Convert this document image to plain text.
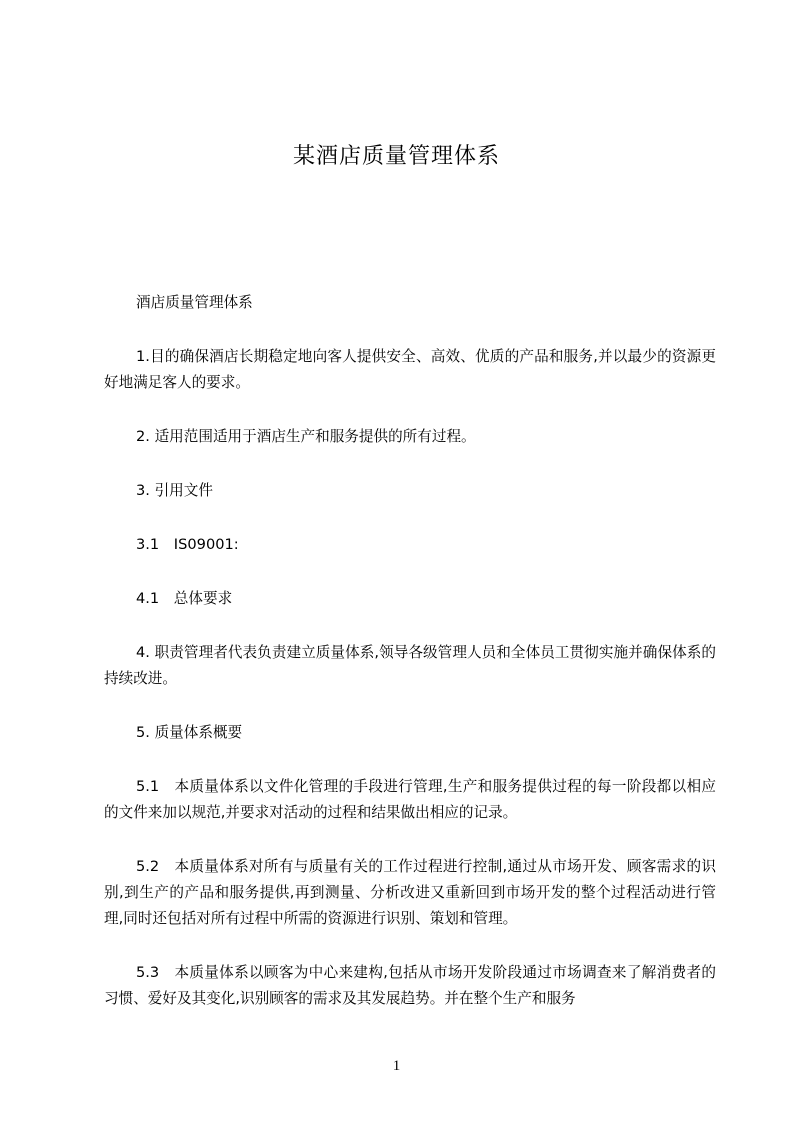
某酒店质量管理体系

酒店质量管理体系

1.目的确保酒店长期稳定地向客人提供安全、高效、优质的产品和服务,并以最少的资源更好地满足客人的要求。

2. 适用范围适用于酒店生产和服务提供的所有过程。

3. 引用文件

3.1　IS09001:

4.1　总体要求

4. 职责管理者代表负责建立质量体系,领导各级管理人员和全体员工贯彻实施并确保体系的持续改进。

5. 质量体系概要

5.1　本质量体系以文件化管理的手段进行管理,生产和服务提供过程的每一阶段都以相应的文件来加以规范,并要求对活动的过程和结果做出相应的记录。

5.2　本质量体系对所有与质量有关的工作过程进行控制,通过从市场开发、顾客需求的识别,到生产的产品和服务提供,再到测量、分析改进又重新回到市场开发的整个过程活动进行管理,同时还包括对所有过程中所需的资源进行识别、策划和管理。

5.3　本质量体系以顾客为中心来建构,包括从市场开发阶段通过市场调查来了解消费者的习惯、爱好及其变化,识别顾客的需求及其发展趋势。并在整个生产和服务

1
